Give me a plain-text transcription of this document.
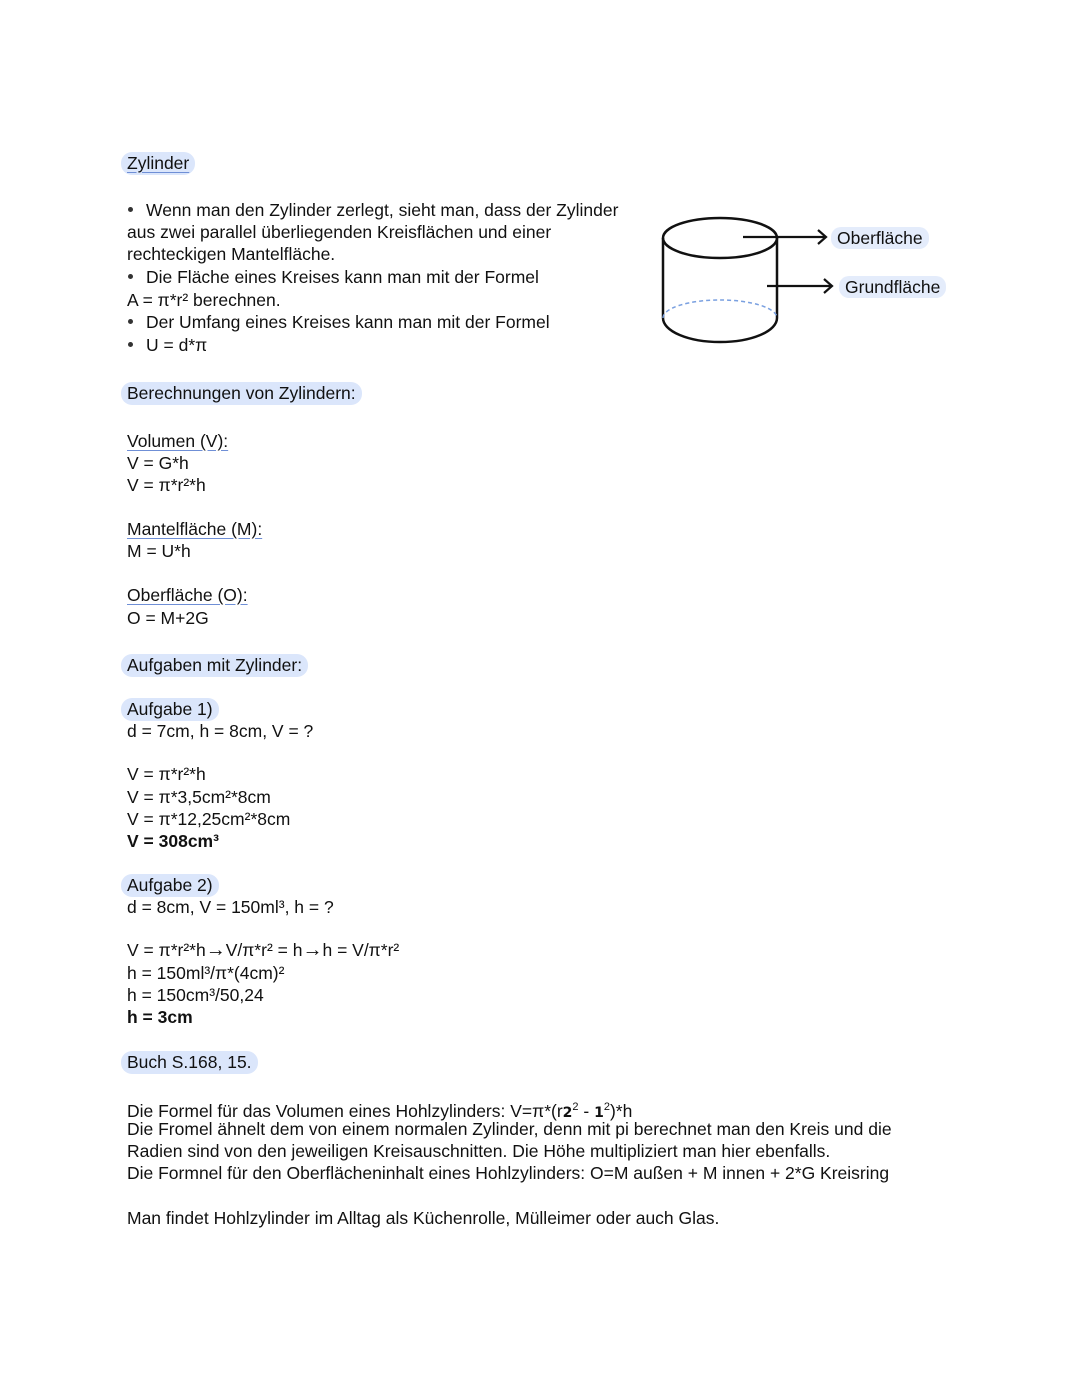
Zylinder
Wenn man den Zylinder zerlegt, sieht man, dass der Zylinder
aus zwei parallel überliegenden Kreisflächen und einer
rechteckigen Mantelfläche.
Die Fläche eines Kreises kann man mit der Formel
A = π*r² berechnen.
Der Umfang eines Kreises kann man mit der Formel
U = d*π
Oberfläche
Grundfläche
Berechnungen von Zylindern:
Volumen (V):
V = G*h
V = π*r²*h
Mantelfläche (M):
M = U*h
Oberfläche (O):
O = M+2G
Aufgaben mit Zylinder:
Aufgabe 1)
d = 7cm, h = 8cm, V = ?
V = π*r²*h
V = π*3,5cm²*8cm
V = π*12,25cm²*8cm
V = 308cm³
Aufgabe 2)
d = 8cm, V = 150ml³, h = ?
V = π*r²*h→V/π*r² = h→h = V/π*r²
h = 150ml³/π*(4cm)²
h = 150cm³/50,24
h = 3cm
Buch S.168, 15.
Die Formel für das Volumen eines Hohlzylinders: $V=\pi*(r2^2 - 1^2)*h$
Die Fromel ähnelt dem von einem normalen Zylinder, denn mit pi berechnet man den Kreis und die
Radien sind von den jeweiligen Kreisauschnitten. Die Höhe multipliziert man hier ebenfalls.
Die Formnel für den Oberflächeninhalt eines Hohlzylinders: O=M außen + M innen + 2*G Kreisring
Man findet Hohlzylinder im Alltag als Küchenrolle, Mülleimer oder auch Glas.
